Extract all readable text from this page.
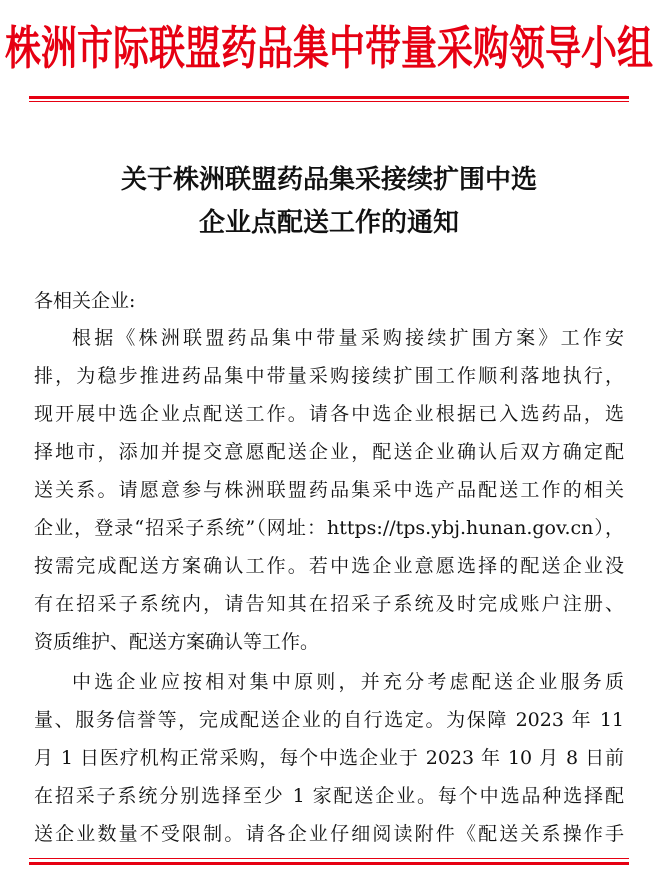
株洲市际联盟药品集中带量采购领导小组
关于株洲联盟药品集采接续扩围中选
企业点配送工作的通知
各相关企业:
根据《株洲联盟药品集中带量采购接续扩围方案》工作安
排，为稳步推进药品集中带量采购接续扩围工作顺利落地执行，
现开展中选企业点配送工作。请各中选企业根据已入选药品，选
择地市，添加并提交意愿配送企业，配送企业确认后双方确定配
送关系。请愿意参与株洲联盟药品集采中选产品配送工作的相关
企业，登录“招采子系统”（网址：https://tps.ybj.hunan.gov.cn），
按需完成配送方案确认工作。若中选企业意愿选择的配送企业没
有在招采子系统内，请告知其在招采子系统及时完成账户注册、
资质维护、配送方案确认等工作。
中选企业应按相对集中原则，并充分考虑配送企业服务质
量、服务信誉等，完成配送企业的自行选定。为保障 2023 年 11
月 1 日医疗机构正常采购，每个中选企业于 2023 年 10 月 8 日前
在招采子系统分别选择至少 1 家配送企业。每个中选品种选择配
送企业数量不受限制。请各企业仔细阅读附件《配送关系操作手
